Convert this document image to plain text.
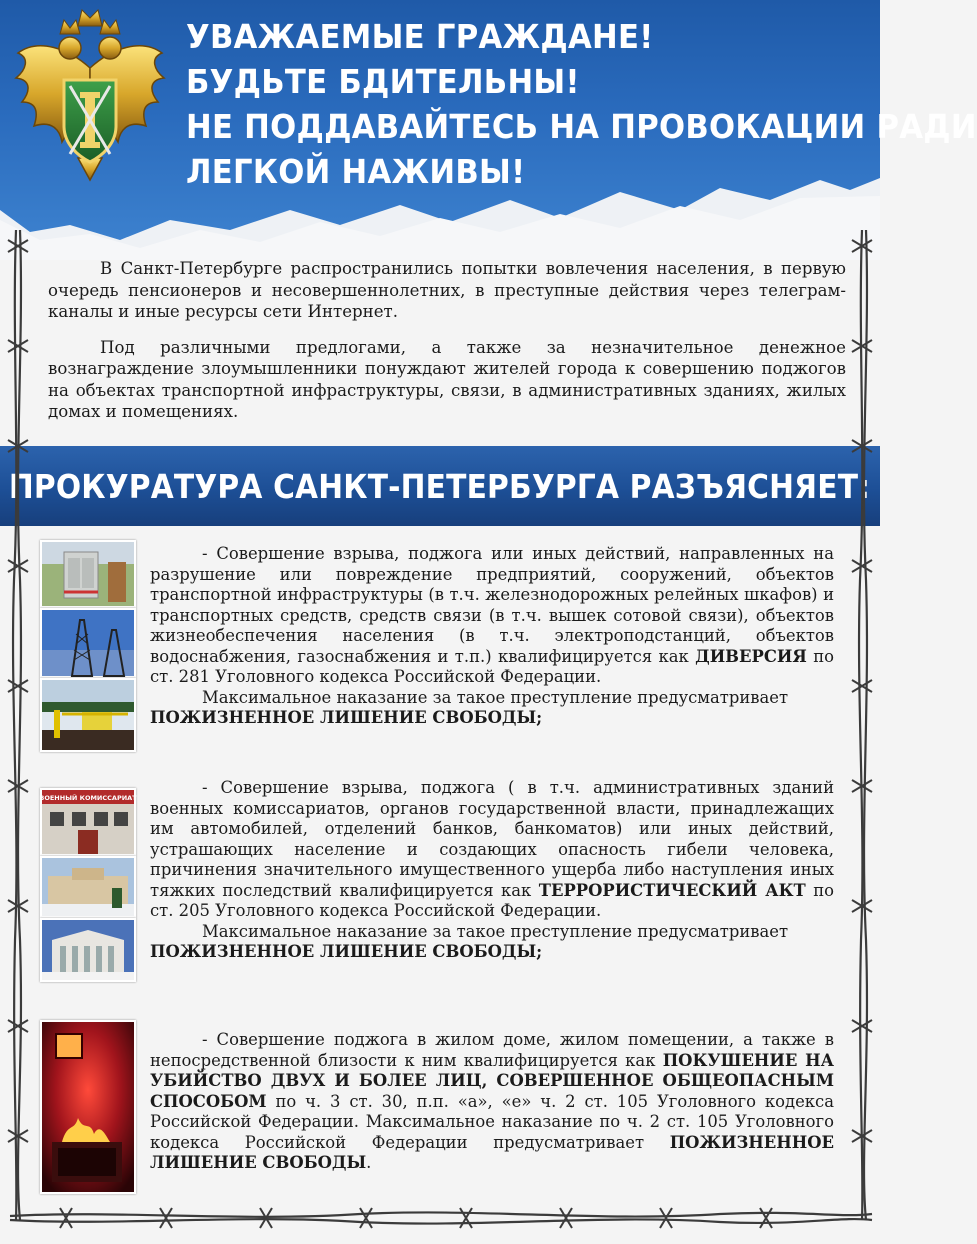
УВАЖАЕМЫЕ ГРАЖДАНЕ!
БУДЬТЕ БДИТЕЛЬНЫ!
НЕ ПОДДАВАЙТЕСЬ НА ПРОВОКАЦИИ РАДИ
ЛЕГКОЙ НАЖИВЫ!

В Санкт-Петербурге распространились попытки вовлечения населения, в первую очередь пенсионеров и несовершеннолетних, в преступные действия через телеграм-каналы и иные ресурсы сети Интернет.

Под различными предлогами, а также за незначительное денежное вознаграждение злоумышленники понуждают жителей города к совершению поджогов на объектах транспортной инфраструктуры, связи, в административных зданиях, жилых домах и помещениях.

ПРОКУРАТУРА САНКТ-ПЕТЕРБУРГА РАЗЪЯСНЯЕТ:

- Совершение взрыва, поджога или иных действий, направленных на разрушение или повреждение предприятий, сооружений, объектов транспортной инфраструктуры (в т.ч. железнодорожных релейных шкафов) и транспортных средств, средств связи (в т.ч. вышек сотовой связи), объектов жизнеобеспечения населения (в т.ч. электроподстанций, объектов водоснабжения, газоснабжения и т.п.) квалифицируется как ДИВЕРСИЯ по ст. 281 Уголовного кодекса Российской Федерации.

Максимальное наказание за такое преступление предусматривает

ПОЖИЗНЕННОЕ ЛИШЕНИЕ СВОБОДЫ;

- Совершение взрыва, поджога ( в т.ч. административных зданий военных комиссариатов, органов государственной власти, принадлежащих им автомобилей, отделений банков, банкоматов) или иных действий, устрашающих население и создающих опасность гибели человека, причинения значительного имущественного ущерба либо наступления иных тяжких последствий квалифицируется как ТЕРРОРИСТИЧЕСКИЙ АКТ по ст. 205 Уголовного кодекса Российской Федерации.

Максимальное наказание за такое преступление предусматривает

ПОЖИЗНЕННОЕ ЛИШЕНИЕ СВОБОДЫ;

- Совершение поджога в жилом доме, жилом помещении, а также в непосредственной близости к ним квалифицируется как ПОКУШЕНИЕ НА УБИЙСТВО ДВУХ И БОЛЕЕ ЛИЦ, СОВЕРШЕННОЕ ОБЩЕОПАСНЫМ СПОСОБОМ по ч. 3 ст. 30, п.п. «а», «е» ч. 2 ст. 105 Уголовного кодекса Российской Федерации. Максимальное наказание по ч. 2 ст. 105 Уголовного кодекса Российской Федерации предусматривает ПОЖИЗНЕННОЕ ЛИШЕНИЕ СВОБОДЫ.

ВОЕННЫЙ КОМИССАРИАТ
